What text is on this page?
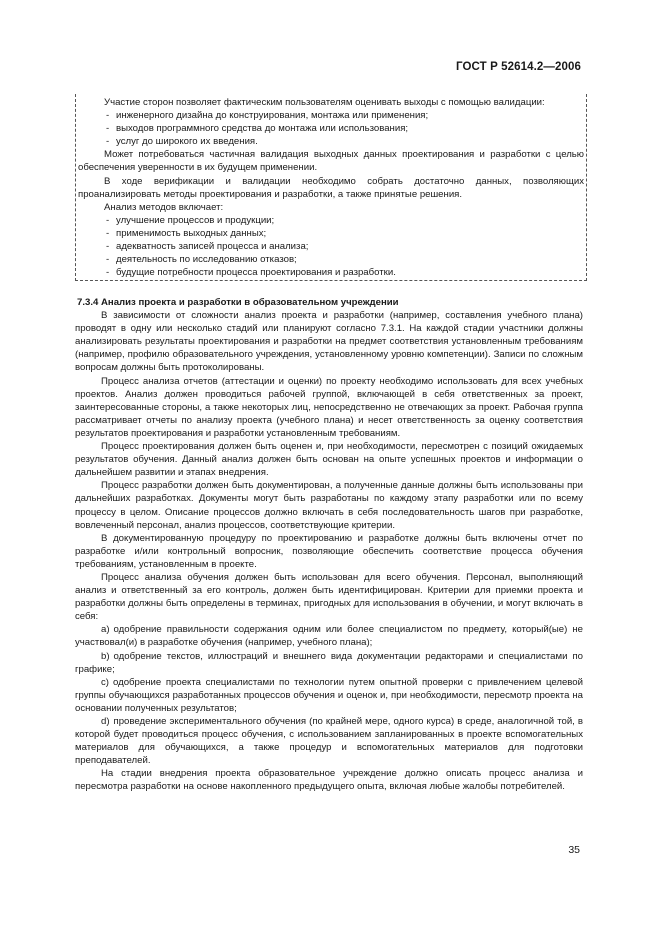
ГОСТ Р 52614.2—2006

Участие сторон позволяет фактическим пользователям оценивать выходы с помощью валидации:

- инженерного дизайна до конструирования, монтажа или применения;

- выходов программного средства до монтажа или использования;

- услуг до широкого их введения.

Может потребоваться частичная валидация выходных данных проектирования и разработки с целью обеспечения уверенности в их будущем применении.

В ходе верификации и валидации необходимо собрать достаточно данных, позволяющих проанализировать методы проектирования и разработки, а также принятые решения.

Анализ методов включает:

- улучшение процессов и продукции;

- применимость выходных данных;

- адекватность записей процесса и анализа;

- деятельность по исследованию отказов;

- будущие потребности процесса проектирования и разработки.

7.3.4 Анализ проекта и разработки в образовательном учреждении

В зависимости от сложности анализ проекта и разработки (например, составления учебного плана) проводят в одну или несколько стадий или планируют согласно 7.3.1. На каждой стадии участники должны анализировать результаты проектирования и разработки на предмет соответствия установленным требованиям (например, профилю образовательного учреждения, установленному уровню компетенции). Записи по сложным вопросам должны быть протоколированы.

Процесс анализа отчетов (аттестации и оценки) по проекту необходимо использовать для всех учебных проектов. Анализ должен проводиться рабочей группой, включающей в себя ответственных за проект, заинтересованные стороны, а также некоторых лиц, непосредственно не отвечающих за проект. Рабочая группа рассматривает отчеты по анализу проекта (учебного плана) и несет ответственность за оценку соответствия результатов проектирования и разработки установленным требованиям.

Процесс проектирования должен быть оценен и, при необходимости, пересмотрен с позиций ожидаемых результатов обучения. Данный анализ должен быть основан на опыте успешных проектов и информации о дальнейшем развитии и этапах внедрения.

Процесс разработки должен быть документирован, а полученные данные должны быть использованы при дальнейших разработках. Документы могут быть разработаны по каждому этапу разработки или по всему процессу в целом. Описание процессов должно включать в себя последовательность шагов при разработке, вовлеченный персонал, анализ процессов, соответствующие критерии.

В документированную процедуру по проектированию и разработке должны быть включены отчет по разработке и/или контрольный вопросник, позволяющие обеспечить соответствие процесса обучения требованиям, установленным в проекте.

Процесс анализа обучения должен быть использован для всего обучения. Персонал, выполняющий анализ и ответственный за его контроль, должен быть идентифицирован. Критерии для приемки проекта и разработки должны быть определены в терминах, пригодных для использования в обучении, и могут включать в себя:

a) одобрение правильности содержания одним или более специалистом по предмету, который(ые) не участвовал(и) в разработке обучения (например, учебного плана);

b) одобрение текстов, иллюстраций и внешнего вида документации редакторами и специалистами по графике;

c) одобрение проекта специалистами по технологии путем опытной проверки с привлечением целевой группы обучающихся разработанных процессов обучения и оценок и, при необходимости, пересмотр проекта на основании полученных результатов;

d) проведение экспериментального обучения (по крайней мере, одного курса) в среде, аналогичной той, в которой будет проводиться процесс обучения, с использованием запланированных в проекте вспомогательных материалов для обучающихся, а также процедур и вспомогательных материалов для подготовки преподавателей.

На стадии внедрения проекта образовательное учреждение должно описать процесс анализа и пересмотра разработки на основе накопленного предыдущего опыта, включая любые жалобы потребителей.

35
